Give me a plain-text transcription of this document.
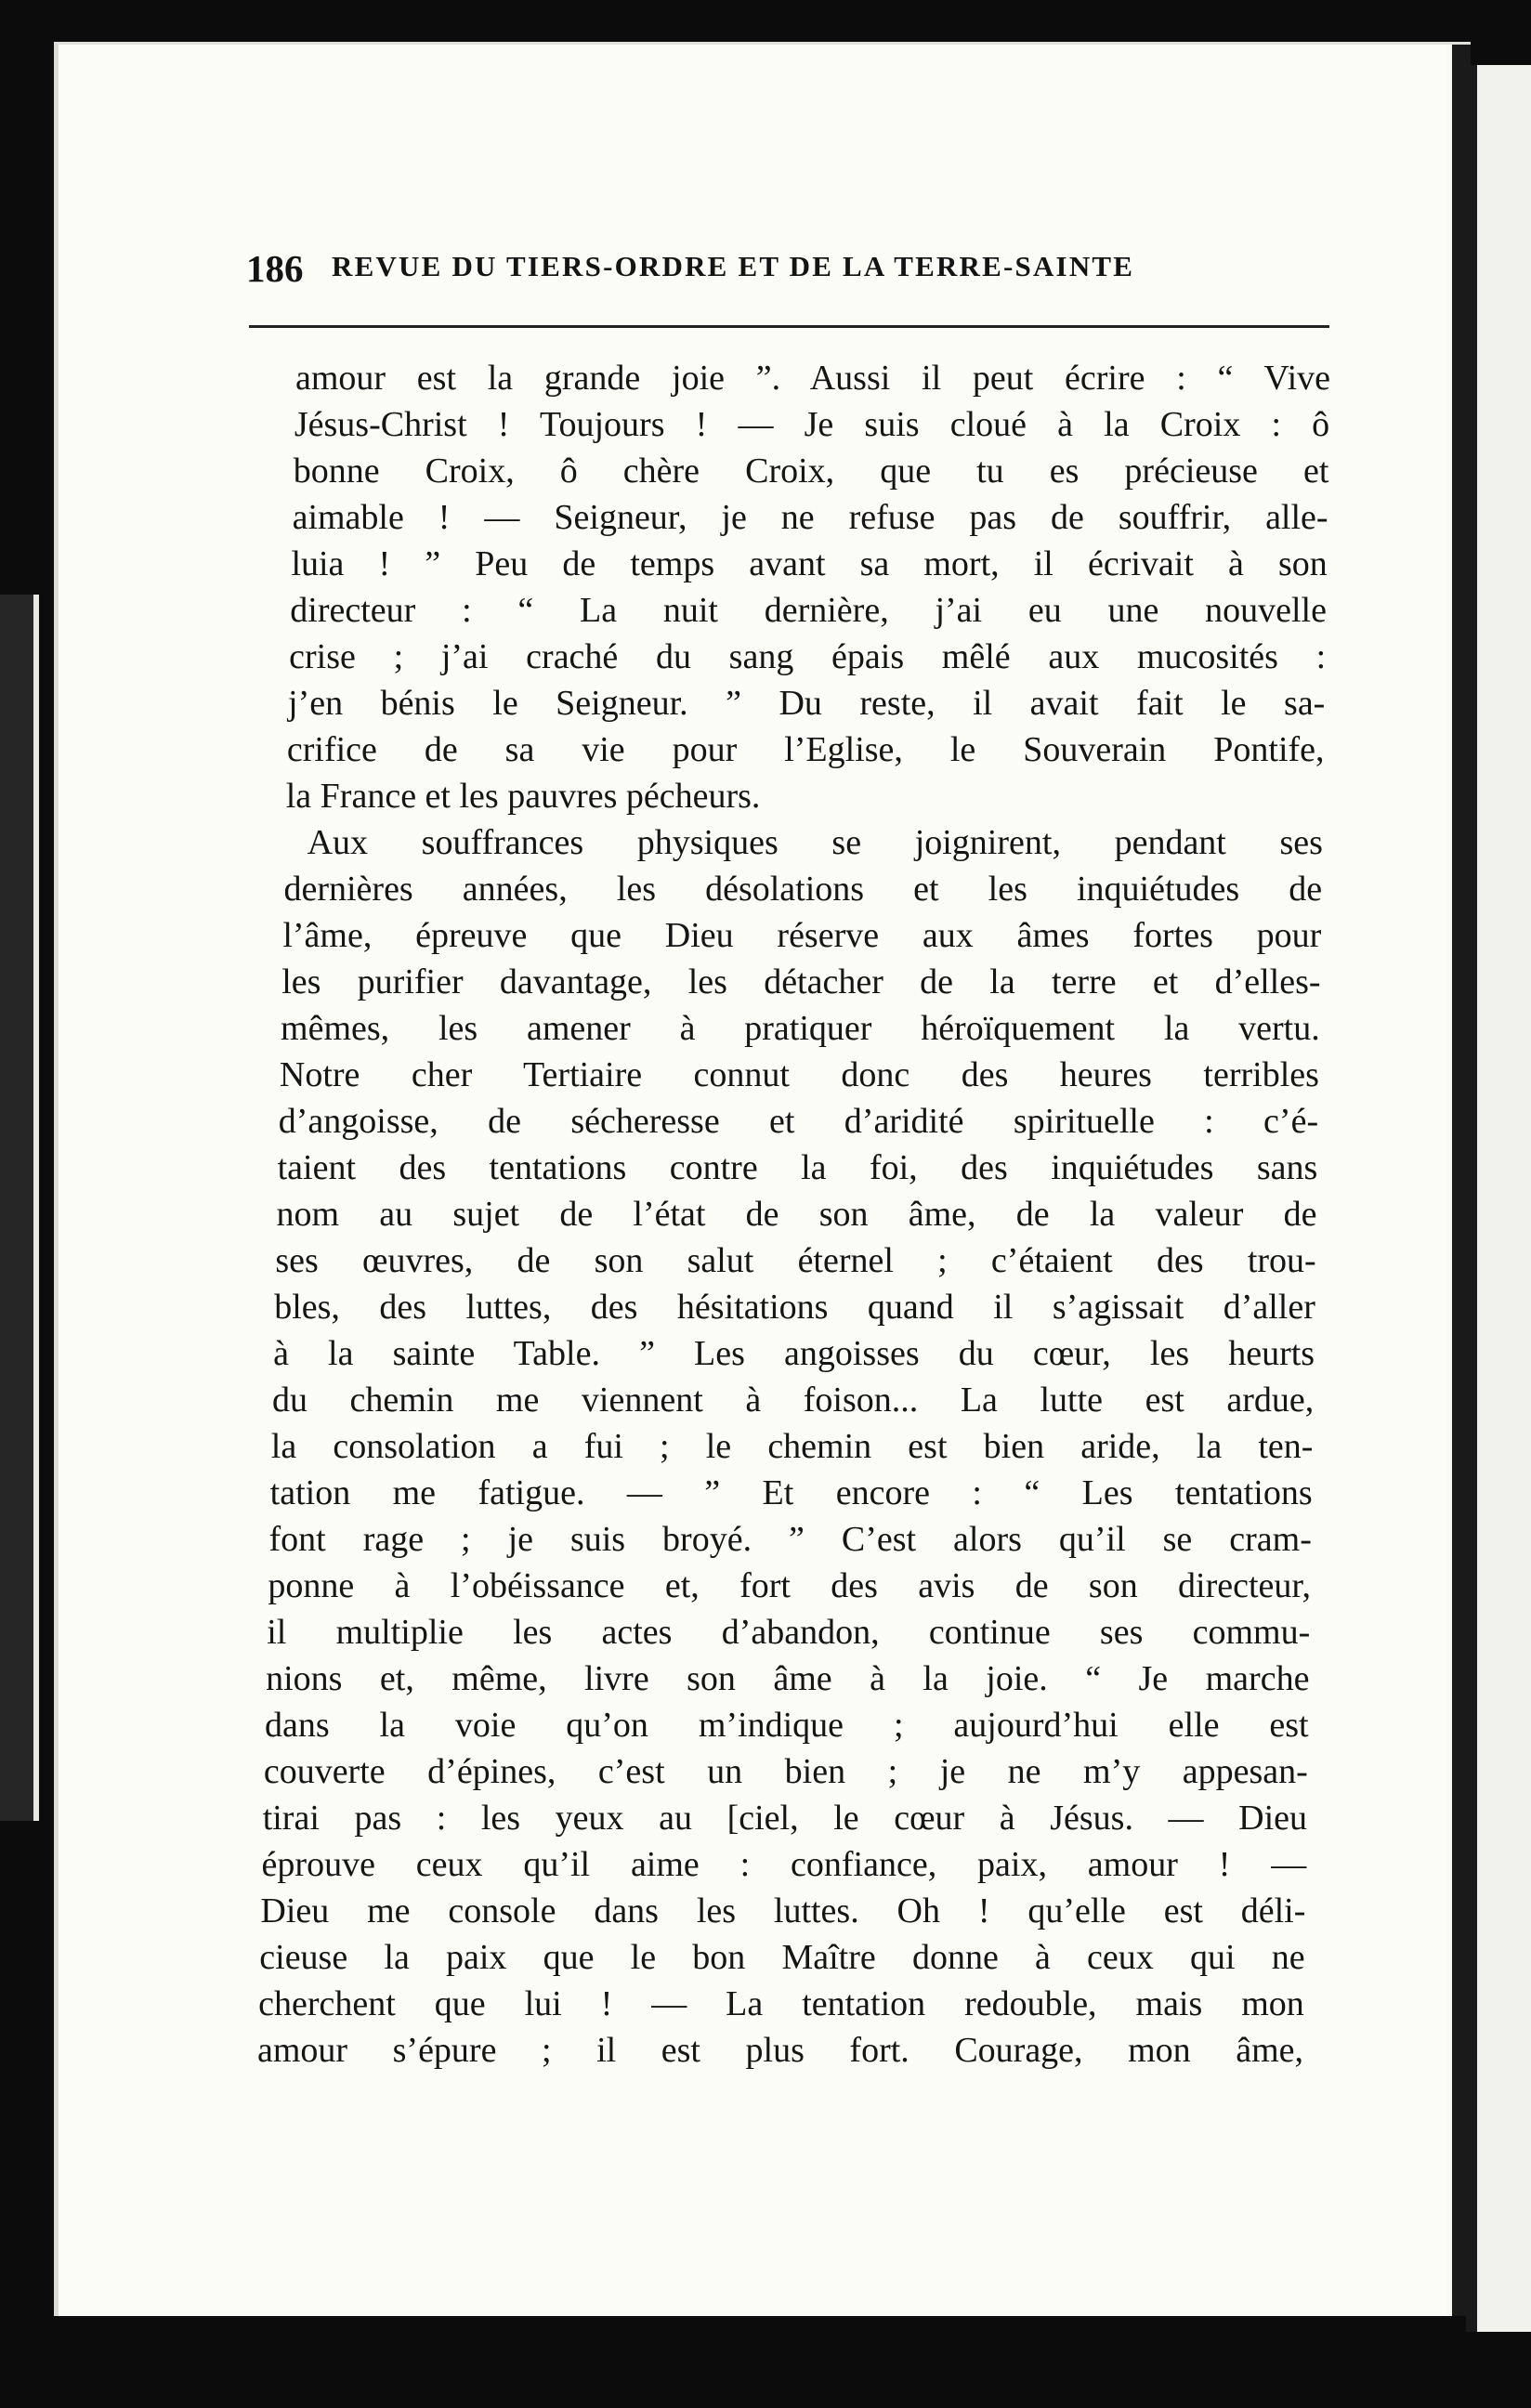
186 REVUE DU TIERS-ORDRE ET DE LA TERRE-SAINTE
amour est la grande joie ”. Aussi il peut écrire : “ Vive
Jésus-Christ ! Toujours ! — Je suis cloué à la Croix : ô
bonne Croix, ô chère Croix, que tu es précieuse et
aimable ! — Seigneur, je ne refuse pas de souffrir, alle-
luia ! ” Peu de temps avant sa mort, il écrivait à son
directeur : “ La nuit dernière, j’ai eu une nouvelle
crise ; j’ai craché du sang épais mêlé aux mucosités :
j’en bénis le Seigneur. ” Du reste, il avait fait le sa-
crifice de sa vie pour l’Eglise, le Souverain Pontife,
la France et les pauvres pécheurs.
Aux souffrances physiques se joignirent, pendant ses
dernières années, les désolations et les inquiétudes de
l’âme, épreuve que Dieu réserve aux âmes fortes pour
les purifier davantage, les détacher de la terre et d’elles-
mêmes, les amener à pratiquer héroïquement la vertu.
Notre cher Tertiaire connut donc des heures terribles
d’angoisse, de sécheresse et d’aridité spirituelle : c’é-
taient des tentations contre la foi, des inquiétudes sans
nom au sujet de l’état de son âme, de la valeur de
ses œuvres, de son salut éternel ; c’étaient des trou-
bles, des luttes, des hésitations quand il s’agissait d’aller
à la sainte Table. ” Les angoisses du cœur, les heurts
du chemin me viennent à foison... La lutte est ardue,
la consolation a fui ; le chemin est bien aride, la ten-
tation me fatigue. — ” Et encore : “ Les tentations
font rage ; je suis broyé. ” C’est alors qu’il se cram-
ponne à l’obéissance et, fort des avis de son directeur,
il multiplie les actes d’abandon, continue ses commu-
nions et, même, livre son âme à la joie. “ Je marche
dans la voie qu’on m’indique ; aujourd’hui elle est
couverte d’épines, c’est un bien ; je ne m’y appesan-
tirai pas : les yeux au [ciel, le cœur à Jésus. — Dieu
éprouve ceux qu’il aime : confiance, paix, amour ! —
Dieu me console dans les luttes. Oh ! qu’elle est déli-
cieuse la paix que le bon Maître donne à ceux qui ne
cherchent que lui ! — La tentation redouble, mais mon
amour s’épure ; il est plus fort. Courage, mon âme,
